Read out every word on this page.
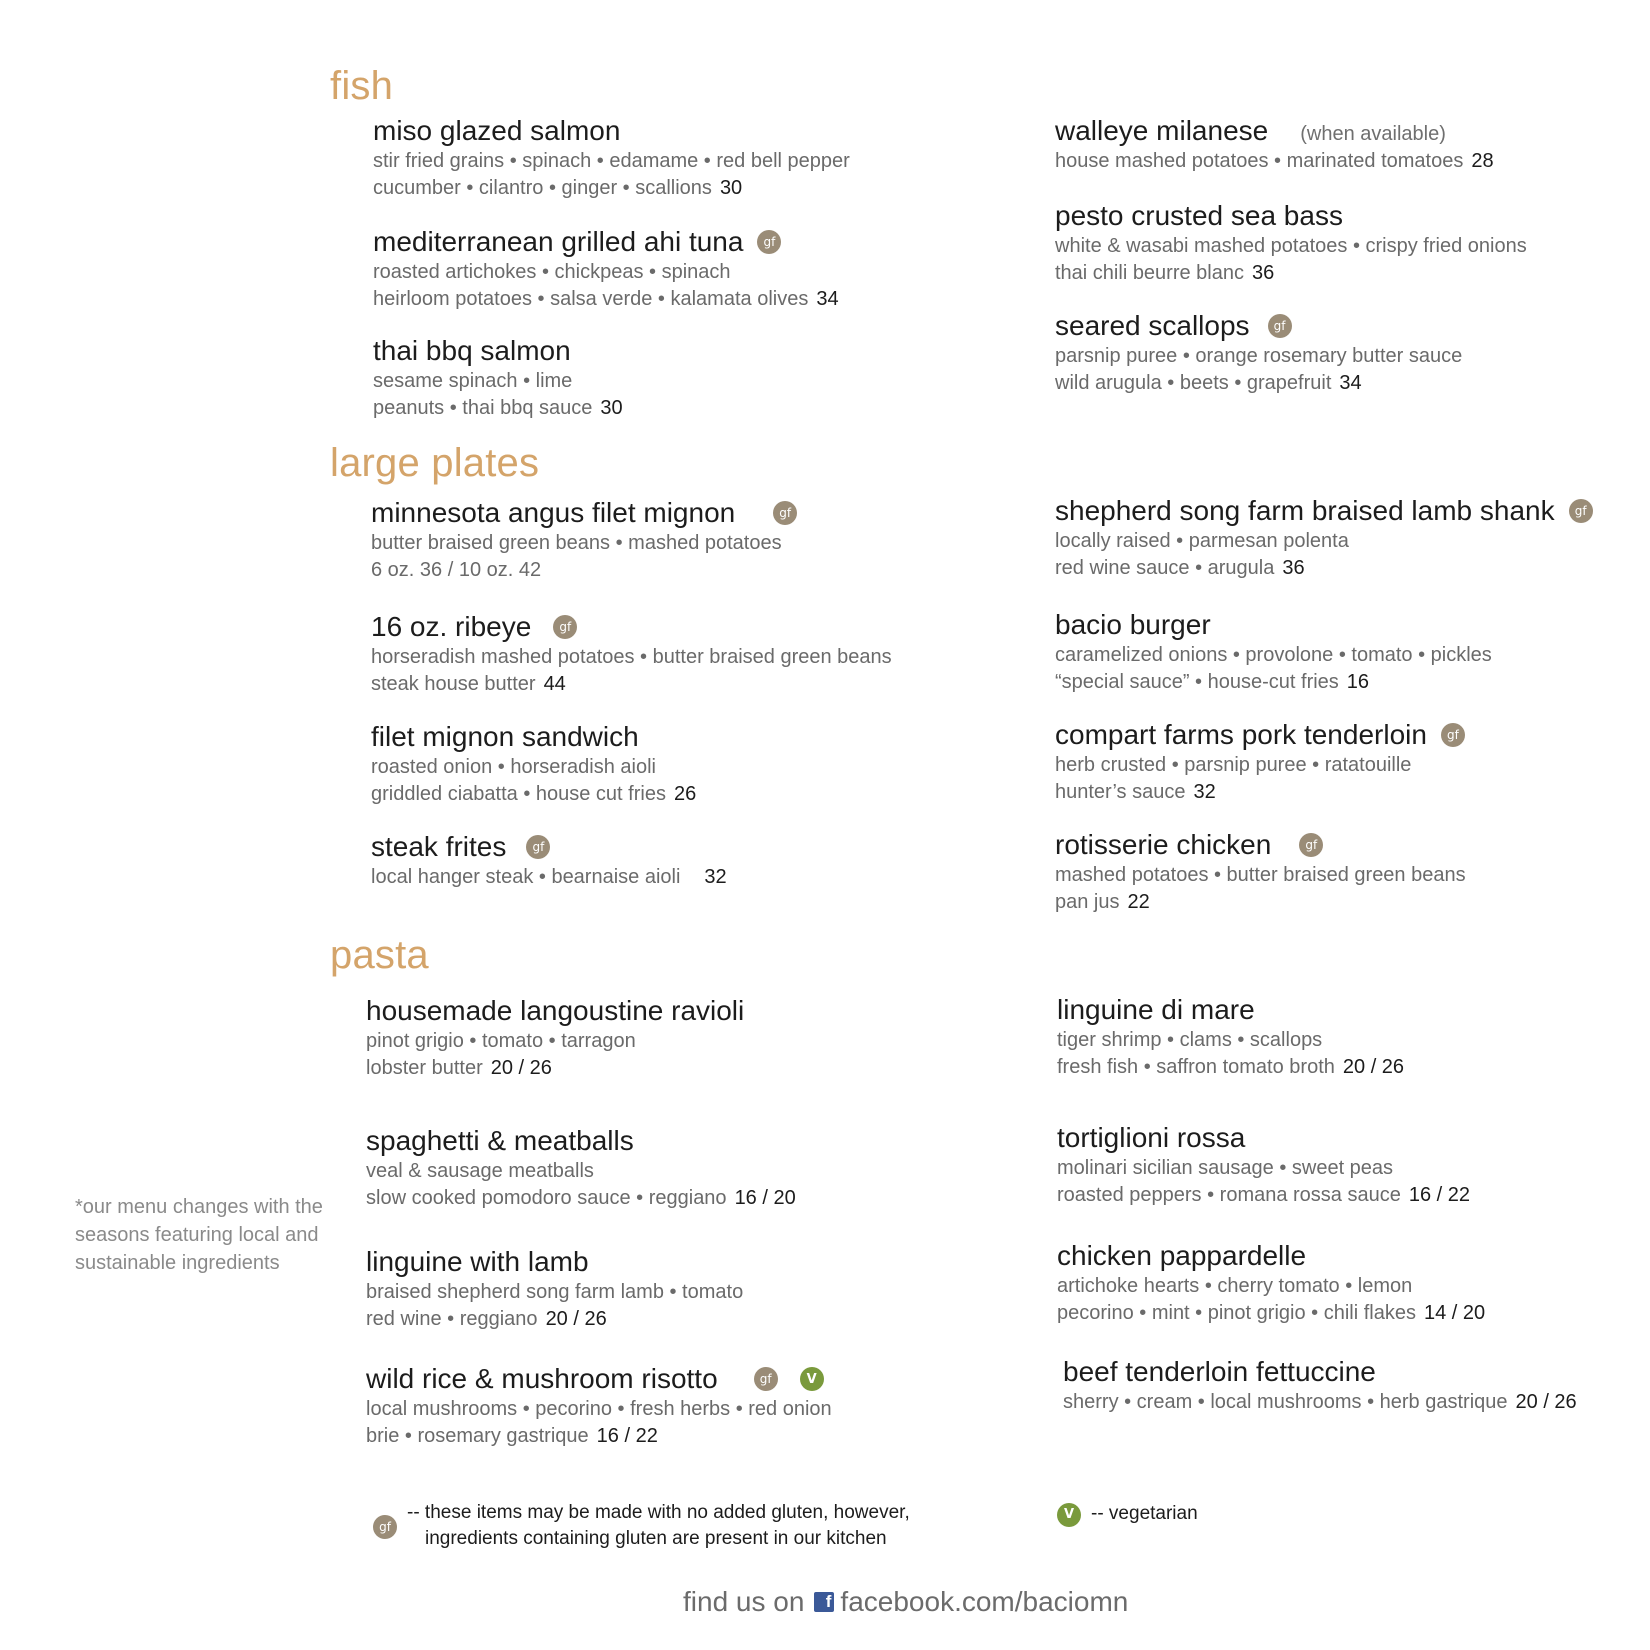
fish
large plates
pasta
miso glazed salmon
stir fried grains • spinach • edamame • red bell pepper
cucumber • cilantro • ginger • scallions 30
mediterranean grilled ahi tuna	gf
roasted artichokes • chickpeas • spinach
heirloom potatoes • salsa verde • kalamata olives 34
thai bbq salmon
sesame spinach • lime
peanuts • thai bbq sauce 30
walleye milanese (when available)
house mashed potatoes • marinated tomatoes 28
pesto crusted sea bass
white & wasabi mashed potatoes • crispy fried onions
thai chili beurre blanc 36
seared scallops	gf
parsnip puree • orange rosemary butter sauce
wild arugula • beets • grapefruit 34
minnesota angus filet mignon	gf
butter braised green beans • mashed potatoes
6 oz. 36 / 10 oz. 42
16 oz. ribeye	gf
horseradish mashed potatoes • butter braised green beans
steak house butter 44
filet mignon sandwich
roasted onion • horseradish aioli
griddled ciabatta • house cut fries 26
steak frites	gf
local hanger steak • bearnaise aioli 32
shepherd song farm braised lamb shank	gf
locally raised • parmesan polenta
red wine sauce • arugula 36
bacio burger
caramelized onions • provolone • tomato • pickles
“special sauce” • house-cut fries 16
compart farms pork tenderloin	gf
herb crusted • parsnip puree • ratatouille
hunter’s sauce 32
rotisserie chicken	gf
mashed potatoes • butter braised green beans
pan jus 22
housemade langoustine ravioli
pinot grigio • tomato • tarragon
lobster butter 20 / 26
spaghetti & meatballs
veal & sausage meatballs
slow cooked pomodoro sauce • reggiano 16 / 20
linguine with lamb
braised shepherd song farm lamb • tomato
red wine • reggiano 20 / 26
wild rice & mushroom risotto	gf	V
local mushrooms • pecorino • fresh herbs • red onion
brie • rosemary gastrique 16 / 22
linguine di mare
tiger shrimp • clams • scallops
fresh fish • saffron tomato broth 20 / 26
tortiglioni rossa
molinari sicilian sausage • sweet peas
roasted peppers • romana rossa sauce 16 / 22
chicken pappardelle
artichoke hearts • cherry tomato • lemon
pecorino • mint • pinot grigio • chili flakes 14 / 20
beef tenderloin fettuccine
sherry • cream • local mushrooms • herb gastrique 20 / 26
*our menu changes with the seasons featuring local and sustainable ingredients
gf
-- these items may be made with no added gluten, however,
ingredients containing gluten are present in our kitchen
V -- vegetarian
find us on	f facebook.com/baciomn
